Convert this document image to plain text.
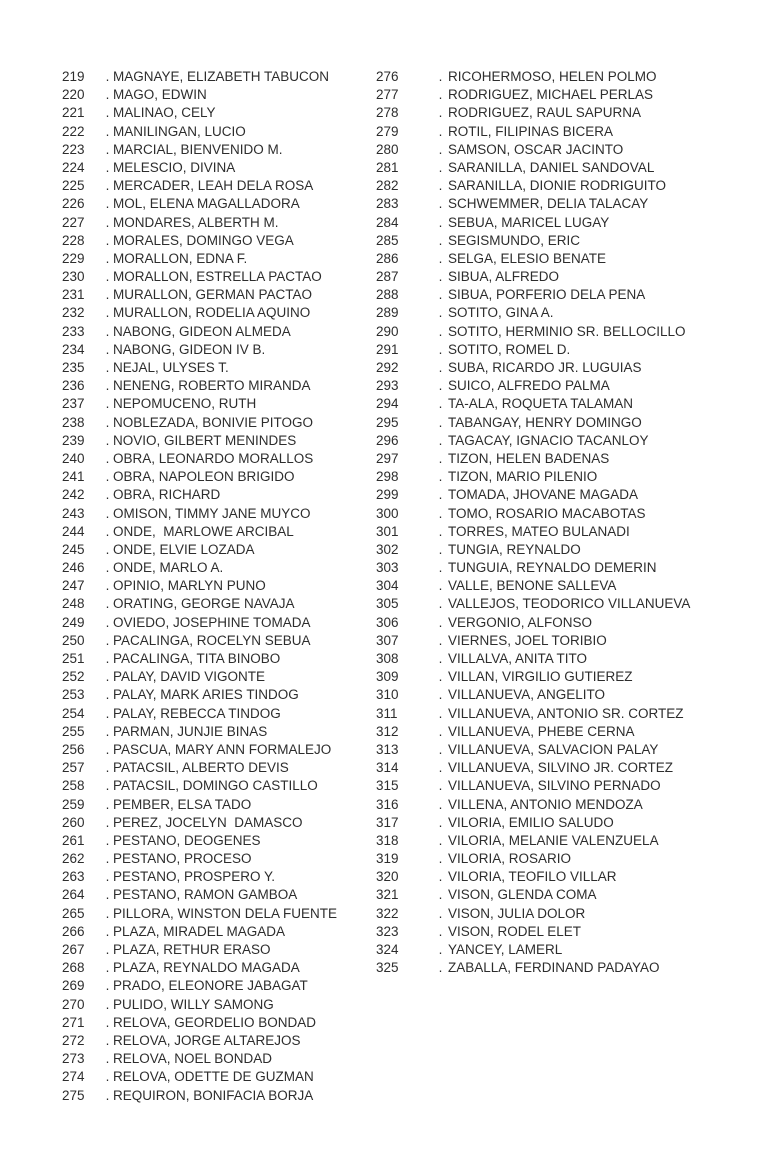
219	. MAGNAYE, ELIZABETH TABUCON
220	. MAGO, EDWIN
221	. MALINAO, CELY
222	. MANILINGAN, LUCIO
223	. MARCIAL, BIENVENIDO M.
224	. MELESCIO, DIVINA
225	. MERCADER, LEAH DELA ROSA
226	. MOL, ELENA MAGALLADORA
227	. MONDARES, ALBERTH M.
228	. MORALES, DOMINGO VEGA
229	. MORALLON, EDNA F.
230	. MORALLON, ESTRELLA PACTAO
231	. MURALLON, GERMAN PACTAO
232	. MURALLON, RODELIA AQUINO
233	. NABONG, GIDEON ALMEDA
234	. NABONG, GIDEON IV B.
235	. NEJAL, ULYSES T.
236	. NENENG, ROBERTO MIRANDA
237	. NEPOMUCENO, RUTH
238	. NOBLEZADA, BONIVIE PITOGO
239	. NOVIO, GILBERT MENINDES
240	. OBRA, LEONARDO MORALLOS
241	. OBRA, NAPOLEON BRIGIDO
242	. OBRA, RICHARD
243	. OMISON, TIMMY JANE MUYCO
244	. ONDE,  MARLOWE ARCIBAL
245	. ONDE, ELVIE LOZADA
246	. ONDE, MARLO A.
247	. OPINIO, MARLYN PUNO
248	. ORATING, GEORGE NAVAJA
249	. OVIEDO, JOSEPHINE TOMADA
250	. PACALINGA, ROCELYN SEBUA
251	. PACALINGA, TITA BINOBO
252	. PALAY, DAVID VIGONTE
253	. PALAY, MARK ARIES TINDOG
254	. PALAY, REBECCA TINDOG
255	. PARMAN, JUNJIE BINAS
256	. PASCUA, MARY ANN FORMALEJO
257	. PATACSIL, ALBERTO DEVIS
258	. PATACSIL, DOMINGO CASTILLO
259	. PEMBER, ELSA TADO
260	. PEREZ, JOCELYN  DAMASCO
261	. PESTANO, DEOGENES
262	. PESTANO, PROCESO
263	. PESTANO, PROSPERO Y.
264	. PESTANO, RAMON GAMBOA
265	. PILLORA, WINSTON DELA FUENTE
266	. PLAZA, MIRADEL MAGADA
267	. PLAZA, RETHUR ERASO
268	. PLAZA, REYNALDO MAGADA
269	. PRADO, ELEONORE JABAGAT
270	. PULIDO, WILLY SAMONG
271	. RELOVA, GEORDELIO BONDAD
272	. RELOVA, JORGE ALTAREJOS
273	. RELOVA, NOEL BONDAD
274	. RELOVA, ODETTE DE GUZMAN
275	. REQUIRON, BONIFACIA BORJA
276	. RICOHERMOSO, HELEN POLMO
277	. RODRIGUEZ, MICHAEL PERLAS
278	. RODRIGUEZ, RAUL SAPURNA
279	. ROTIL, FILIPINAS BICERA
280	. SAMSON, OSCAR JACINTO
281	. SARANILLA, DANIEL SANDOVAL
282	. SARANILLA, DIONIE RODRIGUITO
283	. SCHWEMMER, DELIA TALACAY
284	. SEBUA, MARICEL LUGAY
285	. SEGISMUNDO, ERIC
286	. SELGA, ELESIO BENATE
287	. SIBUA, ALFREDO
288	. SIBUA, PORFERIO DELA PENA
289	. SOTITO, GINA A.
290	. SOTITO, HERMINIO SR. BELLOCILLO
291	. SOTITO, ROMEL D.
292	. SUBA, RICARDO JR. LUGUIAS
293	. SUICO, ALFREDO PALMA
294	. TA-ALA, ROQUETA TALAMAN
295	. TABANGAY, HENRY DOMINGO
296	. TAGACAY, IGNACIO TACANLOY
297	. TIZON, HELEN BADENAS
298	. TIZON, MARIO PILENIO
299	. TOMADA, JHOVANE MAGADA
300	. TOMO, ROSARIO MACABOTAS
301	. TORRES, MATEO BULANADI
302	. TUNGIA, REYNALDO
303	. TUNGUIA, REYNALDO DEMERIN
304	. VALLE, BENONE SALLEVA
305	. VALLEJOS, TEODORICO VILLANUEVA
306	. VERGONIO, ALFONSO
307	. VIERNES, JOEL TORIBIO
308	. VILLALVA, ANITA TITO
309	. VILLAN, VIRGILIO GUTIEREZ
310	. VILLANUEVA, ANGELITO
311	. VILLANUEVA, ANTONIO SR. CORTEZ
312	. VILLANUEVA, PHEBE CERNA
313	. VILLANUEVA, SALVACION PALAY
314	. VILLANUEVA, SILVINO JR. CORTEZ
315	. VILLANUEVA, SILVINO PERNADO
316	. VILLENA, ANTONIO MENDOZA
317	. VILORIA, EMILIO SALUDO
318	. VILORIA, MELANIE VALENZUELA
319	. VILORIA, ROSARIO
320	. VILORIA, TEOFILO VILLAR
321	. VISON, GLENDA COMA
322	. VISON, JULIA DOLOR
323	. VISON, RODEL ELET
324	. YANCEY, LAMERL
325	. ZABALLA, FERDINAND PADAYAO
